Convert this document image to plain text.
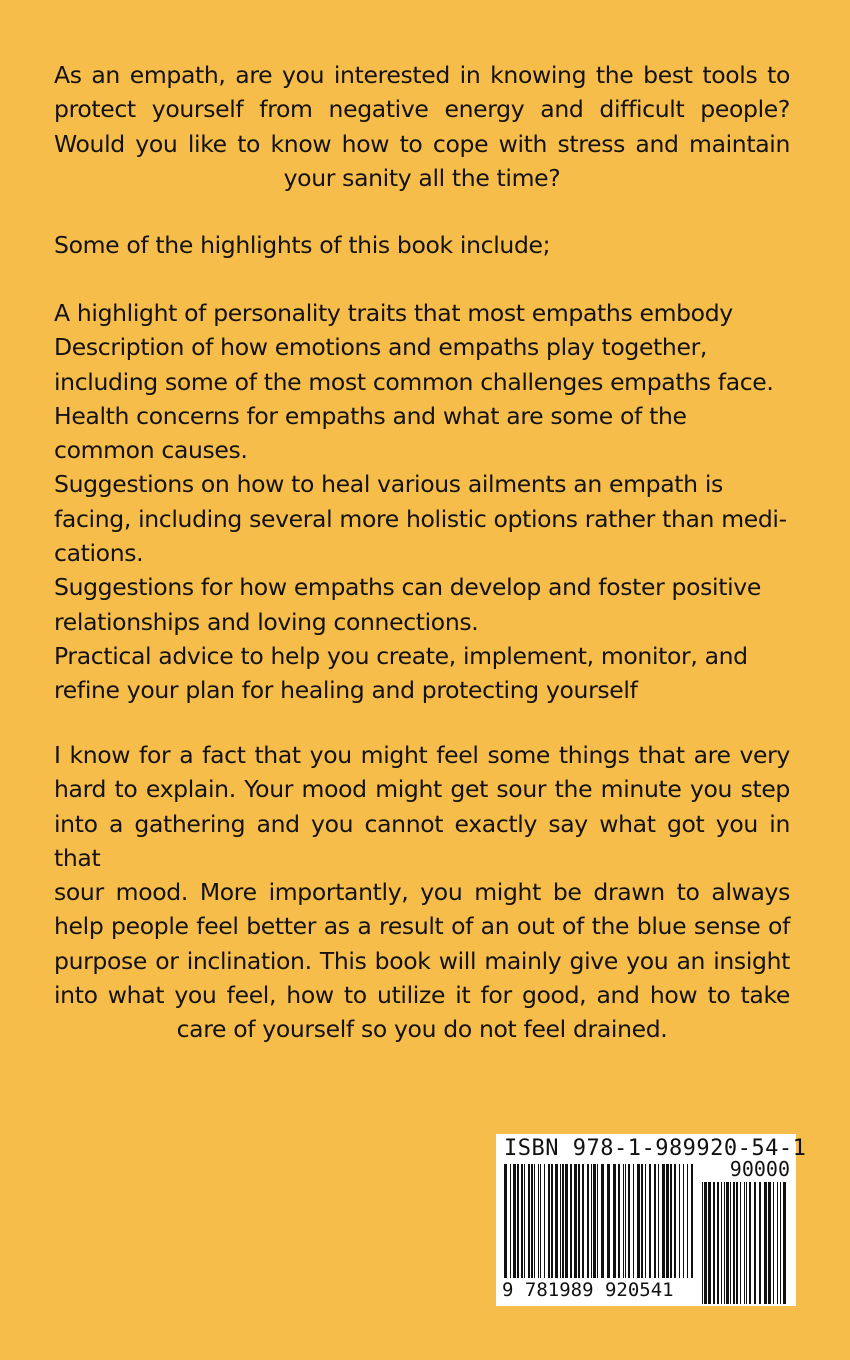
As an empath, are you interested in knowing the best tools to
protect yourself from negative energy and difficult people?
Would you like to know how to cope with stress and maintain
your sanity all the time?
Some of the highlights of this book include;
A highlight of personality traits that most empaths embody
Description of how emotions and empaths play together,
including some of the most common challenges empaths face.
Health concerns for empaths and what are some of the
common causes.
Suggestions on how to heal various ailments an empath is
facing, including several more holistic options rather than medi-
cations.
Suggestions for how empaths can develop and foster positive
relationships and loving connections.
Practical advice to help you create, implement, monitor, and
refine your plan for healing and protecting yourself
I know for a fact that you might feel some things that are very
hard to explain. Your mood might get sour the minute you step
into a gathering and you cannot exactly say what got you in that
sour mood. More importantly, you might be drawn to always
help people feel better as a result of an out of the blue sense of
purpose or inclination. This book will mainly give you an insight
into what you feel, how to utilize it for good, and how to take
care of yourself so you do not feel drained.
ISBN 978-1-989920-54-1
90000
9 781989 920541
